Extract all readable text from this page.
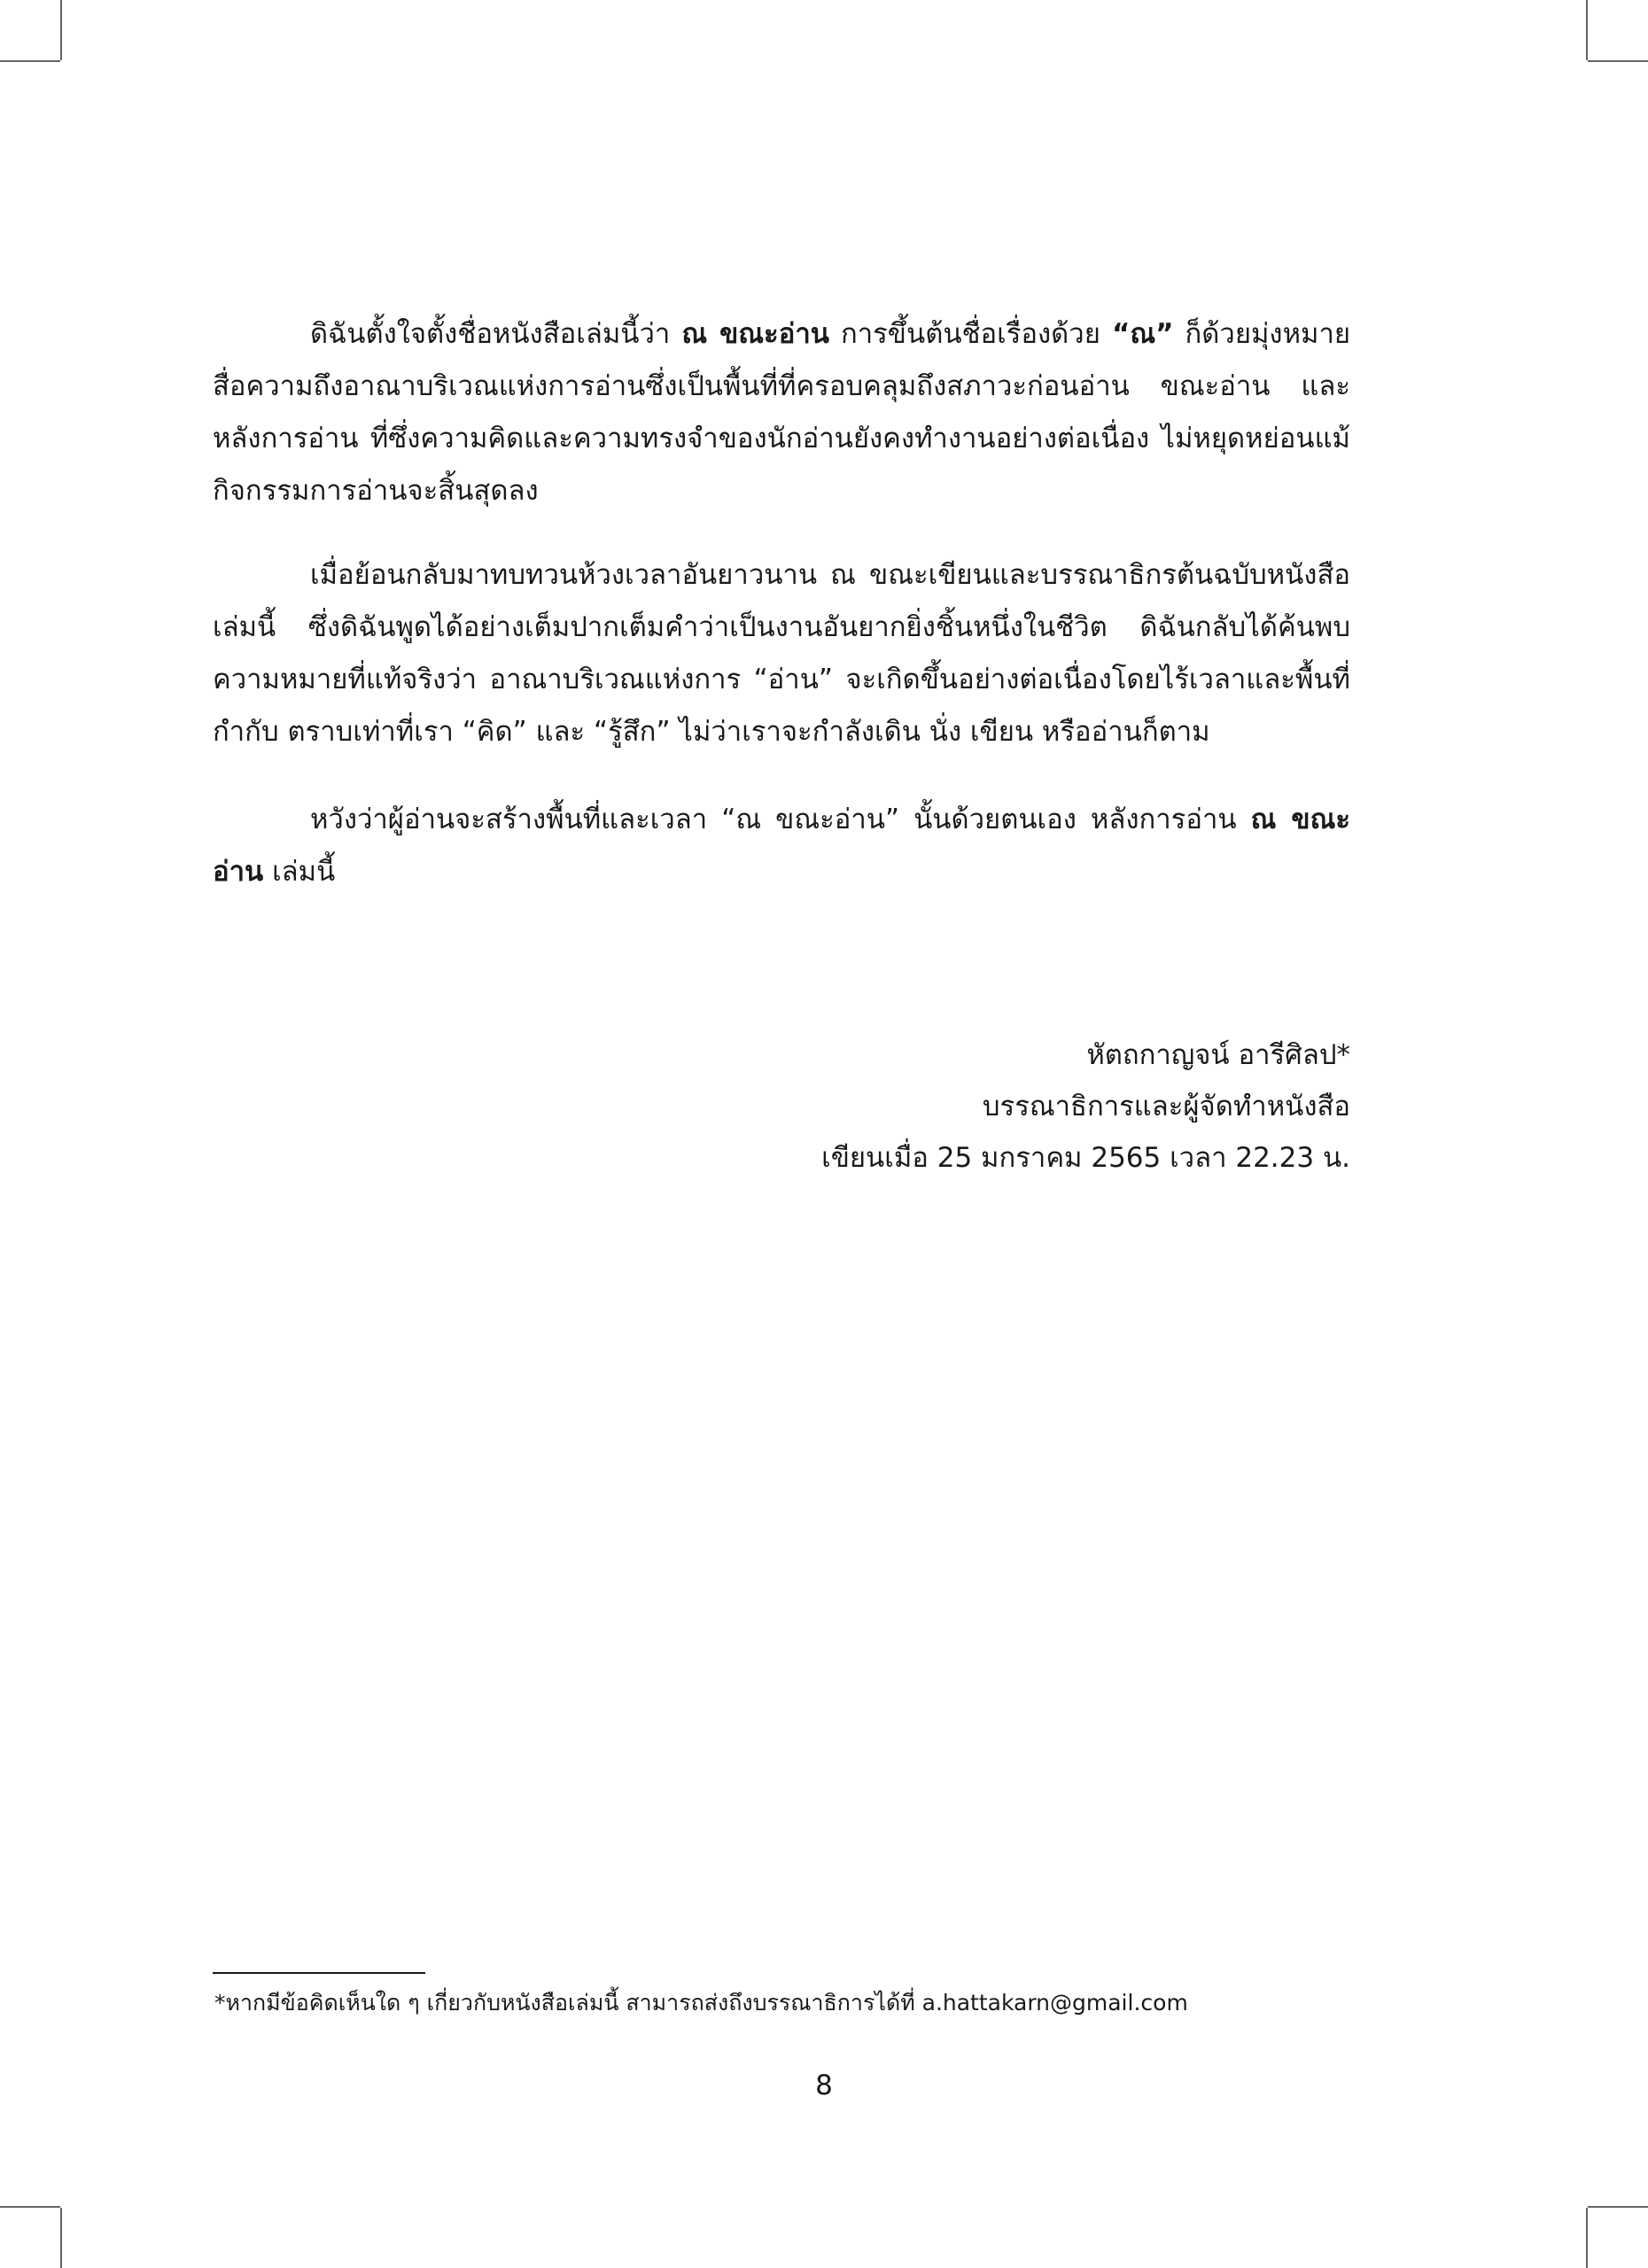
ดิฉันตั้งใจตั้งชื่อหนังสือเล่มนี้ว่า ณ ขณะอ่าน การขึ้นต้นชื่อเรื่องด้วย “ณ” ก็ด้วยมุ่งหมายสื่อความถึงอาณาบริเวณแห่งการอ่านซึ่งเป็นพื้นที่ที่ครอบคลุมถึงสภาวะก่อนอ่าน ขณะอ่าน และหลังการอ่าน ที่ซึ่งความคิดและความทรงจำของนักอ่านยังคงทำงานอย่างต่อเนื่อง ไม่หยุดหย่อนแม้กิจกรรมการอ่านจะสิ้นสุดลง

เมื่อย้อนกลับมาทบทวนห้วงเวลาอันยาวนาน ณ ขณะเขียนและบรรณาธิกรต้นฉบับหนังสือเล่มนี้ ซึ่งดิฉันพูดได้อย่างเต็มปากเต็มคำว่าเป็นงานอันยากยิ่งชิ้นหนึ่งในชีวิต ดิฉันกลับได้ค้นพบความหมายที่แท้จริงว่า อาณาบริเวณแห่งการ “อ่าน” จะเกิดขึ้นอย่างต่อเนื่องโดยไร้เวลาและพื้นที่กำกับ ตราบเท่าที่เรา “คิด” และ “รู้สึก” ไม่ว่าเราจะกำลังเดิน นั่ง เขียน หรืออ่านก็ตาม

หวังว่าผู้อ่านจะสร้างพื้นที่และเวลา “ณ ขณะอ่าน” นั้นด้วยตนเอง หลังการอ่าน ณ ขณะอ่าน เล่มนี้

หัตถกาญจน์ อารีศิลป*
บรรณาธิการและผู้จัดทำหนังสือ
เขียนเมื่อ 25 มกราคม 2565 เวลา 22.23 น.
*หากมีข้อคิดเห็นใด ๆ เกี่ยวกับหนังสือเล่มนี้ สามารถส่งถึงบรรณาธิการได้ที่ a.hattakarn@gmail.com
8
